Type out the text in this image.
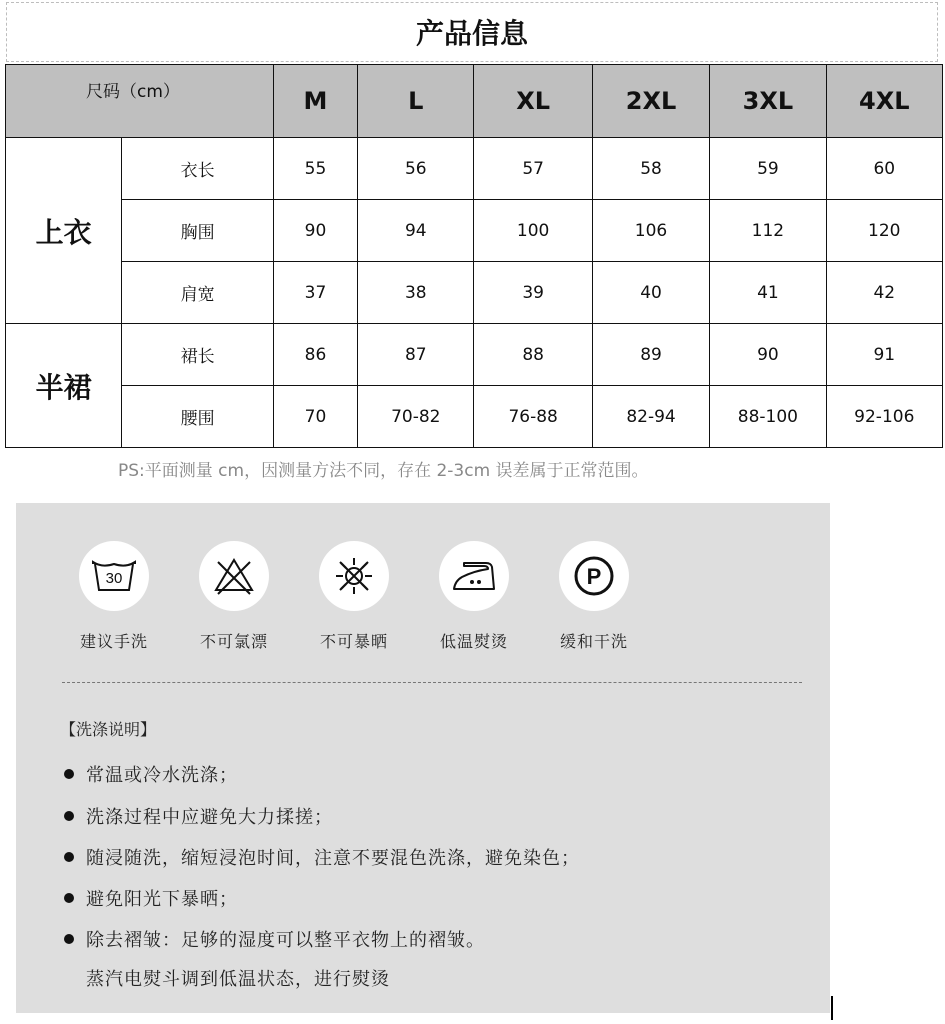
产品信息
尺码（cm）		M	L	XL	2XL	3XL	4XL
上衣	衣长	55	56	57	58	59	60
	胸围	90	94	100	106	112	120
	肩宽	37	38	39	40	41	42
半裙	裙长	86	87	88	89	90	91
	腰围	70	70-82	76-88	82-94	88-100	92-106
PS:平面测量 cm，因测量方法不同，存在 2-3cm 误差属于正常范围。
30
建议手洗	不可氯漂	不可暴晒	低温熨烫
P
缓和干洗
【洗涤说明】
常温或冷水洗涤；
洗涤过程中应避免大力揉搓；
随浸随洗，缩短浸泡时间，注意不要混色洗涤，避免染色；
避免阳光下暴晒；
除去褶皱：足够的湿度可以整平衣物上的褶皱。
蒸汽电熨斗调到低温状态，进行熨烫
